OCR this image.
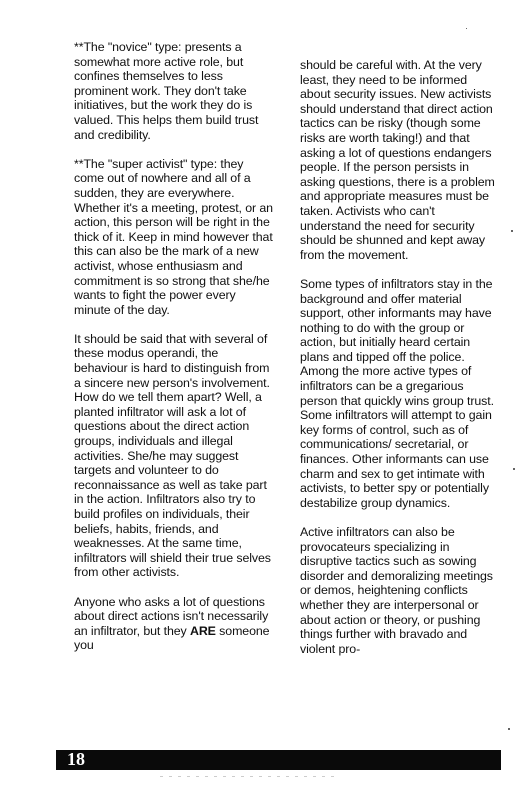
**The "novice" type: presents a somewhat more active role, but confines themselves to less prominent work. They don't take initiatives, but the work they do is valued. This helps them build trust and credibility.

**The "super activist" type: they come out of nowhere and all of a sudden, they are everywhere. Whether it's a meeting, protest, or an action, this person will be right in the thick of it. Keep in mind however that this can also be the mark of a new activist, whose enthusiasm and commitment is so strong that she/he wants to fight the power every minute of the day.

It should be said that with several of these modus operandi, the behaviour is hard to distinguish from a sincere new person's involvement. How do we tell them apart? Well, a planted infiltrator will ask a lot of questions about the direct action groups, individuals and illegal activities. She/he may suggest targets and volunteer to do reconnaissance as well as take part in the action. Infiltrators also try to build profiles on individuals, their beliefs, habits, friends, and weaknesses. At the same time, infiltrators will shield their true selves from other activists.

Anyone who asks a lot of questions about direct actions isn't necessarily an infiltrator, but they ARE someone you

should be careful with. At the very least, they need to be informed about security issues. New activists should understand that direct action tactics can be risky (though some risks are worth taking!) and that asking a lot of questions endangers people. If the person persists in asking questions, there is a problem and appropriate measures must be taken. Activists who can't understand the need for security should be shunned and kept away from the movement.

Some types of infiltrators stay in the background and offer material support, other informants may have nothing to do with the group or action, but initially heard certain plans and tipped off the police. Among the more active types of infiltrators can be a gregarious person that quickly wins group trust. Some infiltrators will attempt to gain key forms of control, such as of communications/ secretarial, or finances. Other informants can use charm and sex to get intimate with activists, to better spy or potentially destabilize group dynamics.

Active infiltrators can also be provocateurs specializing in disruptive tactics such as sowing disorder and demoralizing meetings or demos, heightening conflicts whether they are interpersonal or about action or theory, or pushing things further with bravado and violent pro-

18
